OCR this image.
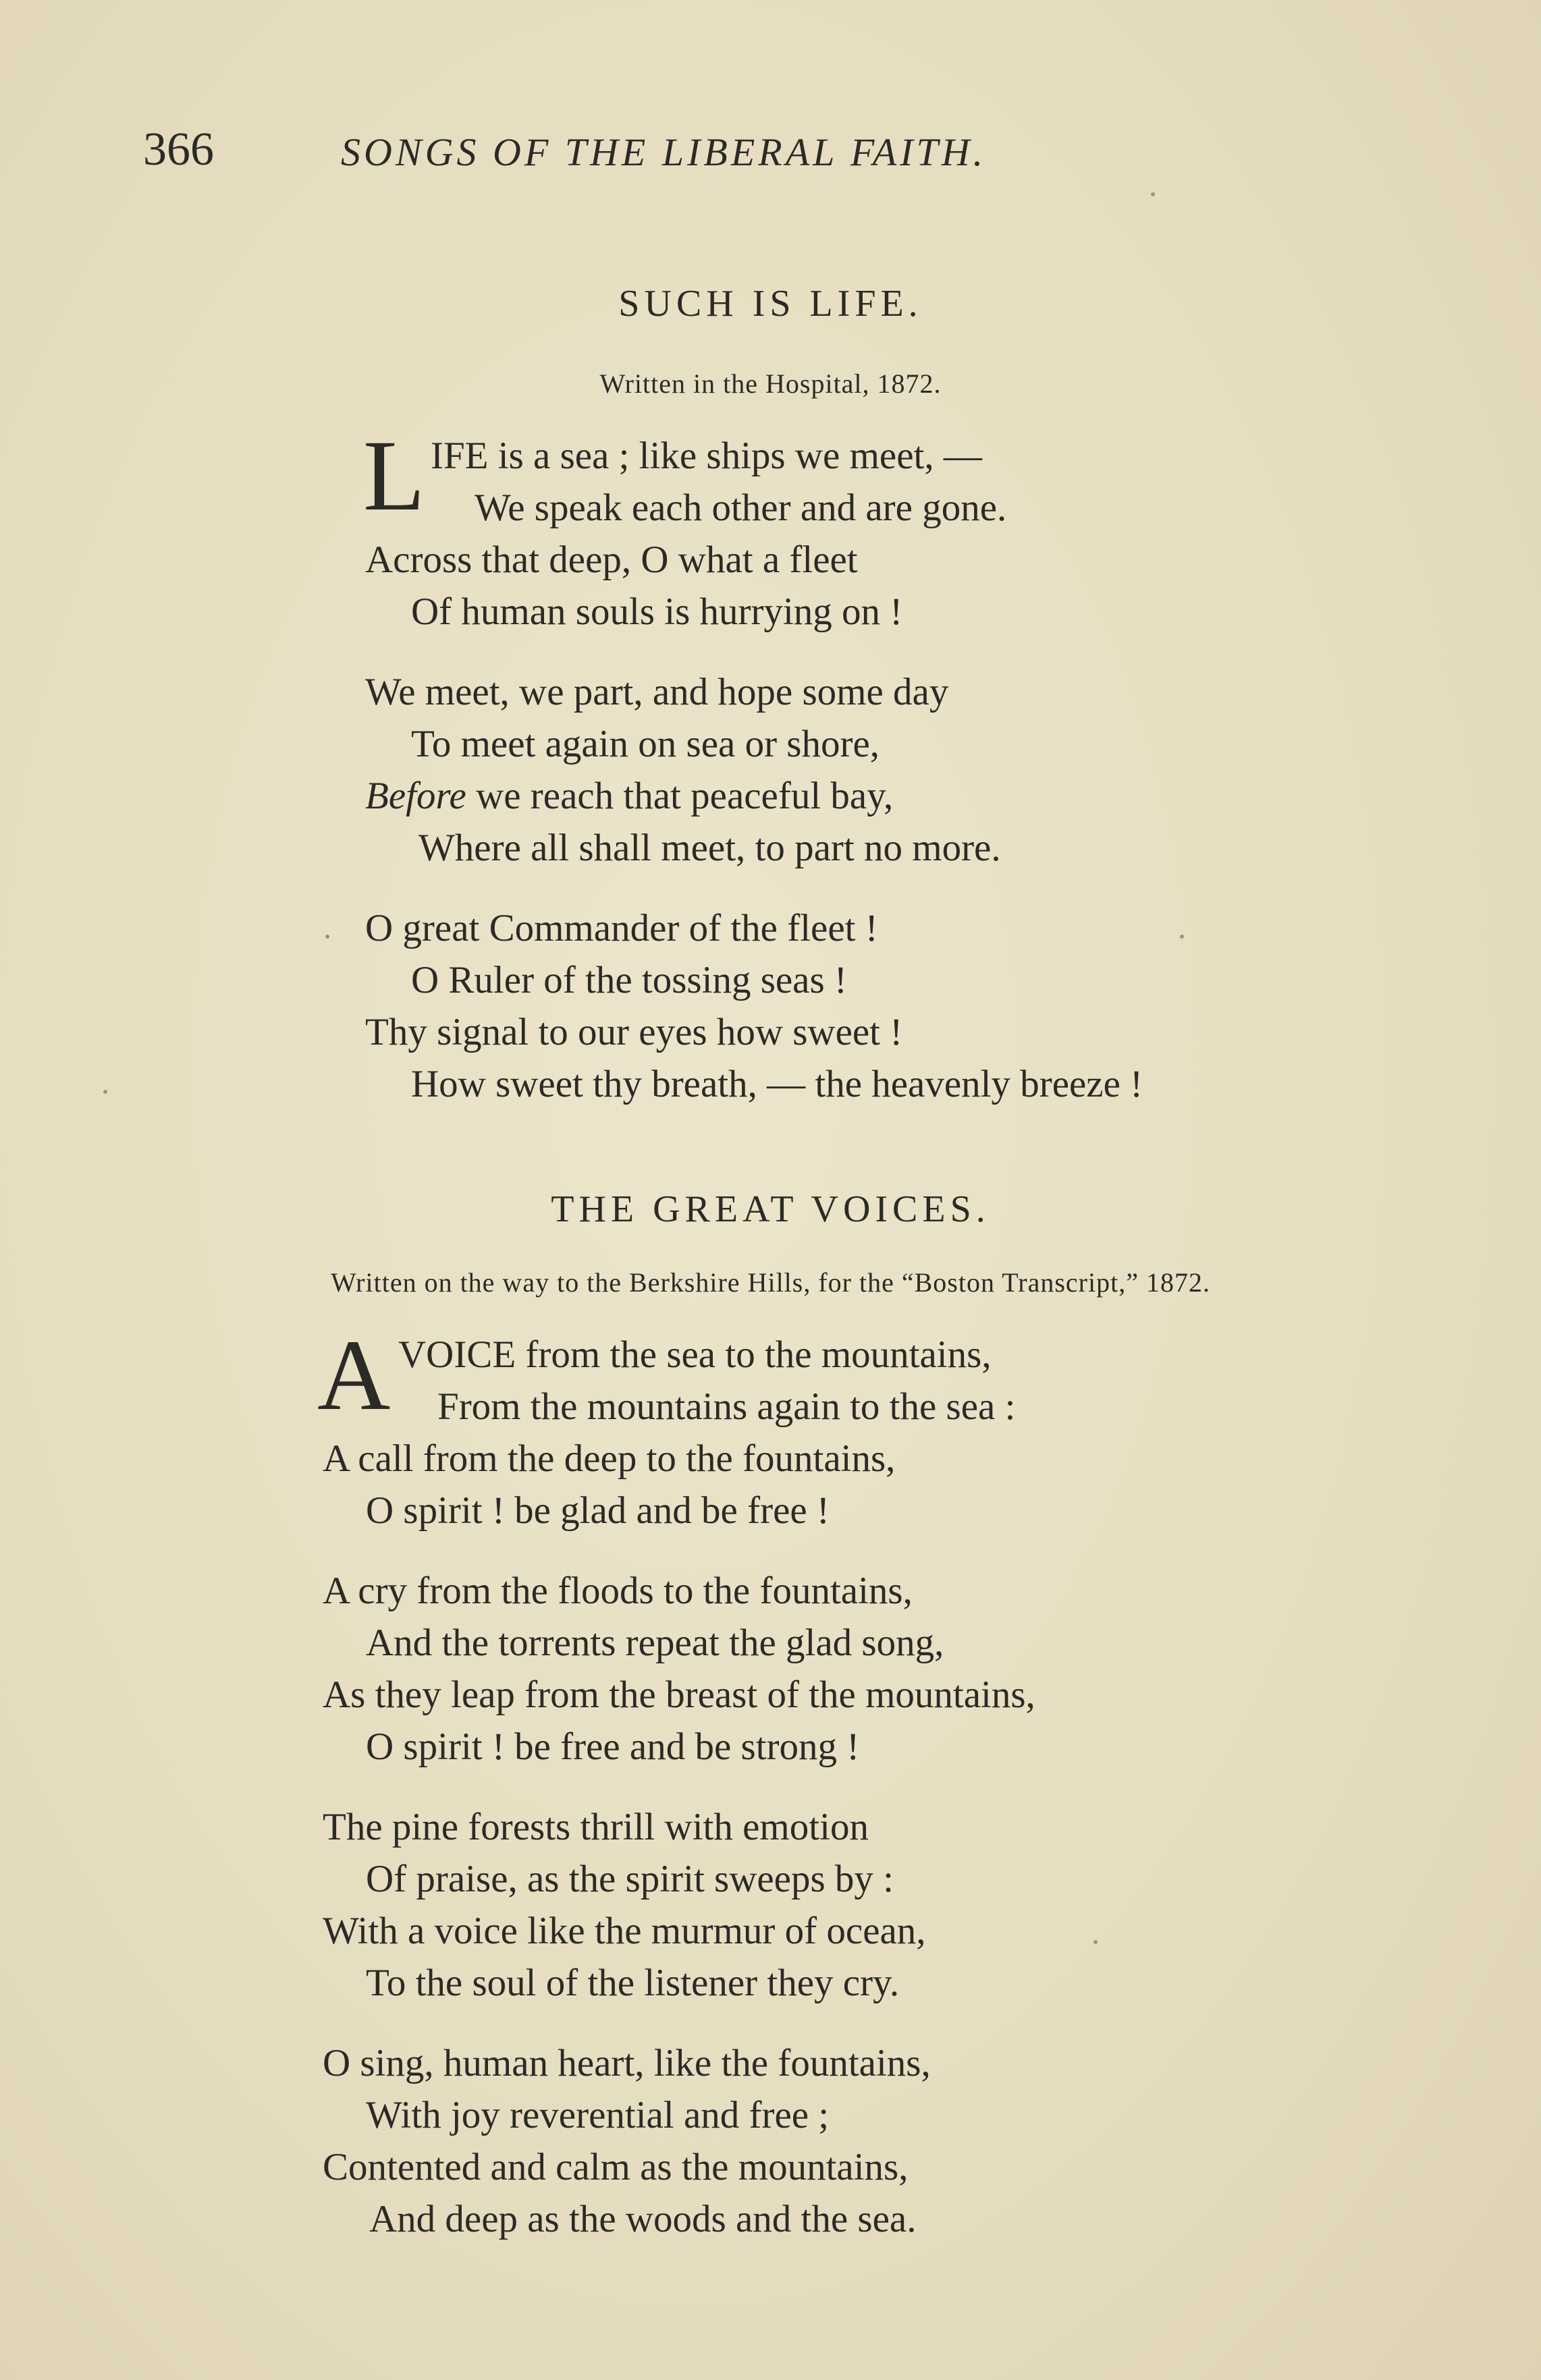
366	SONGS OF THE LIBERAL FAITH.
SUCH IS LIFE.
Written in the Hospital, 1872.
L IFE is a sea ; like ships we meet, —
We speak each other and are gone.
Across that deep, O what a fleet
Of human souls is hurrying on !
We meet, we part, and hope some day
To meet again on sea or shore,
Before we reach that peaceful bay,
Where all shall meet, to part no more.
O great Commander of the fleet !
O Ruler of the tossing seas !
Thy signal to our eyes how sweet !
How sweet thy breath, — the heavenly breeze !
THE GREAT VOICES.
Written on the way to the Berkshire Hills, for the “Boston Transcript,” 1872.
A VOICE from the sea to the mountains,
From the mountains again to the sea :
A call from the deep to the fountains,
O spirit ! be glad and be free !
A cry from the floods to the fountains,
And the torrents repeat the glad song,
As they leap from the breast of the mountains,
O spirit ! be free and be strong !
The pine forests thrill with emotion
Of praise, as the spirit sweeps by :
With a voice like the murmur of ocean,
To the soul of the listener they cry.
O sing, human heart, like the fountains,
With joy reverential and free ;
Contented and calm as the mountains,
And deep as the woods and the sea.
